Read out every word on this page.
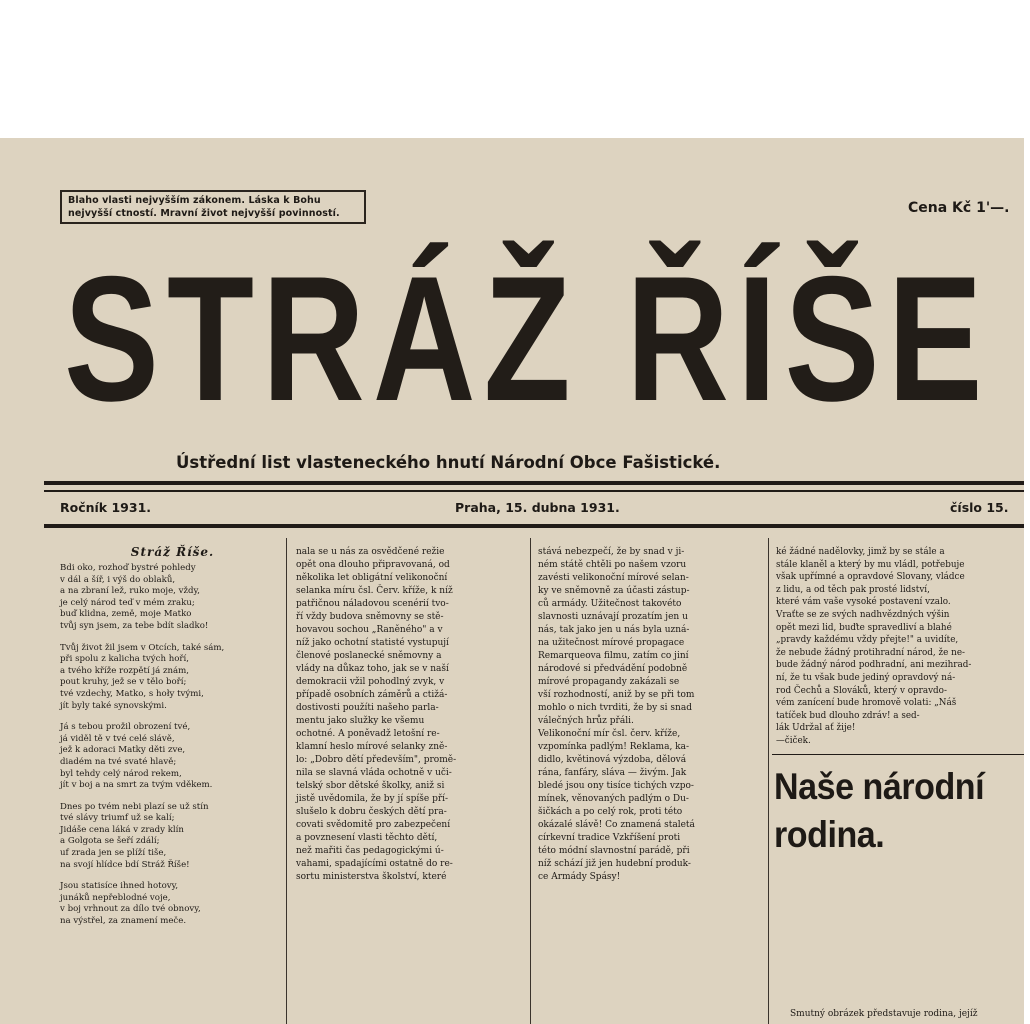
Blaho vlasti nejvyšším zákonem. Láska k Bohu
nejvyšší ctností. Mravní život nejvyšší povinností.	Cena Kč 1'—.
STRÁŽ ŘÍŠE
Ústřední list vlasteneckého hnutí Národní Obce Fašistické.
Ročník 1931.	Praha, 15. dubna 1931.	číslo 15.
Stráž Říše.
Bdi oko, rozhoď bystré pohledy
v dál a šíř, i výš do oblaků,
a na zbraní lež, ruko moje, vždy,
je celý národ teď v mém zraku;
buď klidna, země, moje Matko
tvůj syn jsem, za tebe bdít sladko!
Tvůj život žil jsem v Otcích, také sám,
při spolu z kalicha tvých hoří,
a tvého kříže rozpětí já znám,
pout kruhy, jež se v tělo boří;
tvé vzdechy, Matko, s hoły tvými,
jít byly také synovskými.
Já s tebou prožil obrození tvé,
já viděl tě v tvé celé slávě,
jež k adoraci Matky děti zve,
diadém na tvé svaté hlavě;
byl tehdy celý národ rekem,
jít v boj a na smrt za tvým vděkem.
Dnes po tvém nebi plazí se už stín
tvé slávy triumf už se kalí;
Jidáše cena láká v zrady klín
a Golgota se šeří zdálí;
uf zrada jen se plíží tiše,
na svojí hlídce bdí Stráž Říše!
Jsou statisíce ihned hotovy,
junáků nepřeblodné voje,
v boj vrhnout za dílo tvé obnovy,
na výstřel, za znamení meče.
nala se u nás za osvědčené režie
opět ona dlouho připravovaná, od
několika let obligátní velikonoční
selanka míru čsl. Červ. kříže, k níž
patřičnou náladovou scenérií tvo-
ří vždy budova sněmovny se stě-
hovavou sochou „Raněného" a v
níž jako ochotní statisté vystupují
členové poslanecké sněmovny a
vlády na důkaz toho, jak se v naší
demokracii vžil pohodlný zvyk, v
případě osobních záměrů a ctižá-
dostivosti použíti našeho parla-
mentu jako služky ke všemu
ochotné. A poněvadž letošní re-
klamní heslo mírové selanky zně-
lo: „Dobro dětí především", promě-
nila se slavná vláda ochotně v uči-
telský sbor dětské školky, aniž si
jistě uvědomila, že by jí spíše pří-
slušelo k dobru českých dětí pra-
covati svědomitě pro zabezpečení
a povznesení vlasti těchto dětí,
než mařiti čas pedagogickými ú-
vahami, spadajícími ostatně do re-
sortu ministerstva školství, které
stává nebezpečí, že by snad v ji-
ném státě chtěli po našem vzoru
zavésti velikonoční mírové selan-
ky ve sněmovně za účasti zástup-
ců armády. Užitečnost takovéto
slavnosti uznávají prozatím jen u
nás, tak jako jen u nás byla uzná-
na užitečnost mírové propagace
Remarqueova filmu, zatím co jiní
národové si předvádění podobně
mírové propagandy zakázali se
vší rozhodností, aniž by se při tom
mohlo o nich tvrditi, že by si snad
válečných hrůz přáli.
Velikonoční mír čsl. červ. kříže,
vzpomínka padlým! Reklama, ka-
didlo, květinová výzdoba, dělová
rána, fanfáry, sláva — živým. Jak
bledé jsou ony tisíce tichých vzpo-
mínek, věnovaných padlým o Du-
šičkách a po celý rok, proti této
okázalé slávě! Co znamená staletá
církevní tradice Vzkříšení proti
této módní slavnostní parádě, při
níž schází již jen hudební produk-
ce Armády Spásy!
ké žádné nadělovky, jimž by se stále a
stále klaněl a který by mu vládl, potřebuje
však upřímné a opravdové Slovany, vládce
z lidu, a od těch pak prosté lidství,
které vám vaše vysoké postavení vzalo.
Vraťte se ze svých nadhvězdných výšin
opět mezi lid, buďte spravedliví a blahé
„pravdy každému vždy přejte!" a uvidíte,
že nebude žádný protihradní národ, že ne-
bude žádný národ podhradní, ani mezihrad-
ní, že tu však bude jediný opravdový ná-
rod Čechů a Slováků, který v opravdo-
vém zanícení bude hromově volati: „Náš
tatíček bud dlouho zdráv! a sed-
lák Udržal ať žije!
—čiček.
Naše národní
rodina.
Smutný obrázek představuje rodina, jejíž
